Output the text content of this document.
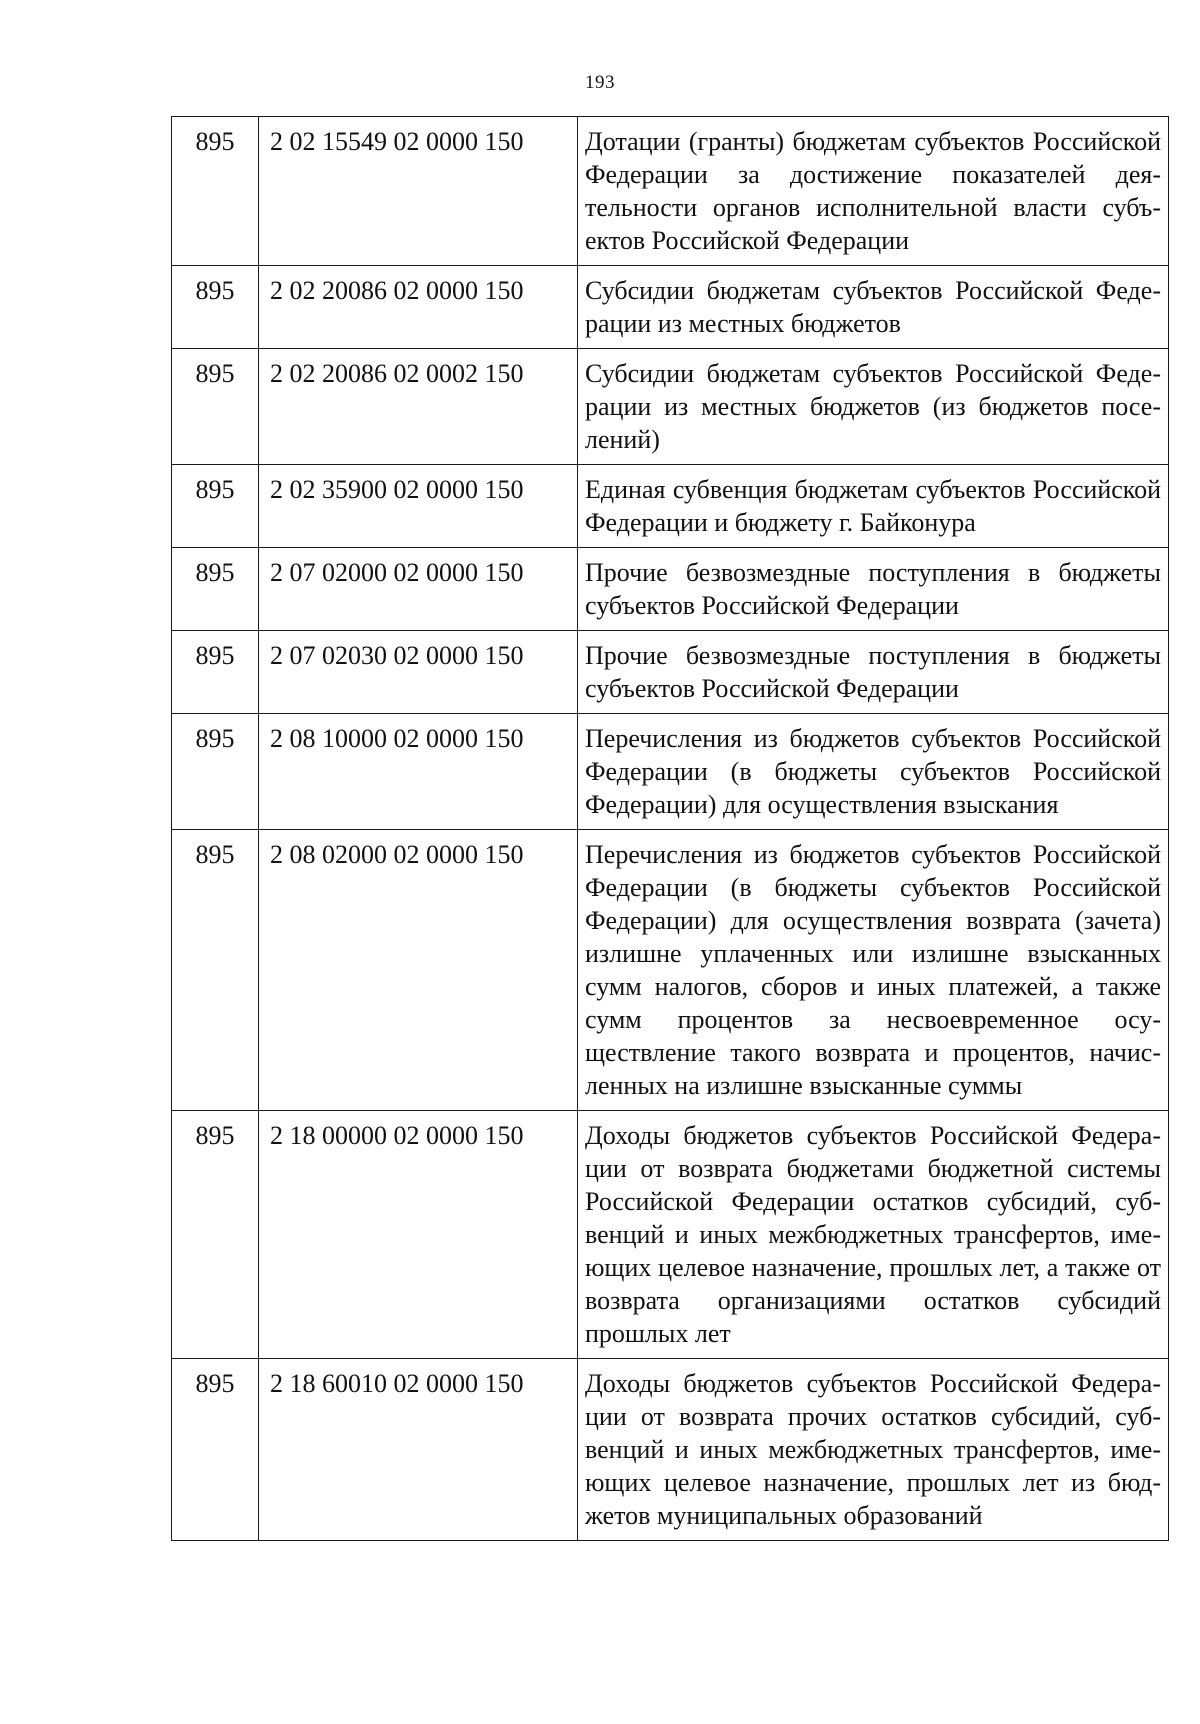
193
895	2 02 15549 02 0000 150	Дотации (гранты) бюджетам субъектов Российской Федерации за достижение показателей деятельности органов исполнительной власти субъектов Российской Федерации
895	2 02 20086 02 0000 150	Субсидии бюджетам субъектов Российской Федерации из местных бюджетов
895	2 02 20086 02 0002 150	Субсидии бюджетам субъектов Российской Федерации из местных бюджетов (из бюджетов поселений)
895	2 02 35900 02 0000 150	Единая субвенция бюджетам субъектов Российской Федерации и бюджету г. Байконура
895	2 07 02000 02 0000 150	Прочие безвозмездные поступления в бюджеты субъектов Российской Федерации
895	2 07 02030 02 0000 150	Прочие безвозмездные поступления в бюджеты субъектов Российской Федерации
895	2 08 10000 02 0000 150	Перечисления из бюджетов субъектов Российской Федерации (в бюджеты субъектов Российской Федерации) для осуществления взыскания
895	2 08 02000 02 0000 150	Перечисления из бюджетов субъектов Российской Федерации (в бюджеты субъектов Российской Федерации) для осуществления возврата (зачета) излишне уплаченных или излишне взысканных сумм налогов, сборов и иных платежей, а также сумм процентов за несвоевременное осуществление такого возврата и процентов, начисленных на излишне взысканные суммы
895	2 18 00000 02 0000 150	Доходы бюджетов субъектов Российской Федерации от возврата бюджетами бюджетной системы Российской Федерации остатков субсидий, субвенций и иных межбюджетных трансфертов, имеющих целевое назначение, прошлых лет, а также от возврата организациями остатков субсидий прошлых лет
895	2 18 60010 02 0000 150	Доходы бюджетов субъектов Российской Федерации от возврата прочих остатков субсидий, субвенций и иных межбюджетных трансфертов, имеющих целевое назначение, прошлых лет из бюджетов муниципальных образований
